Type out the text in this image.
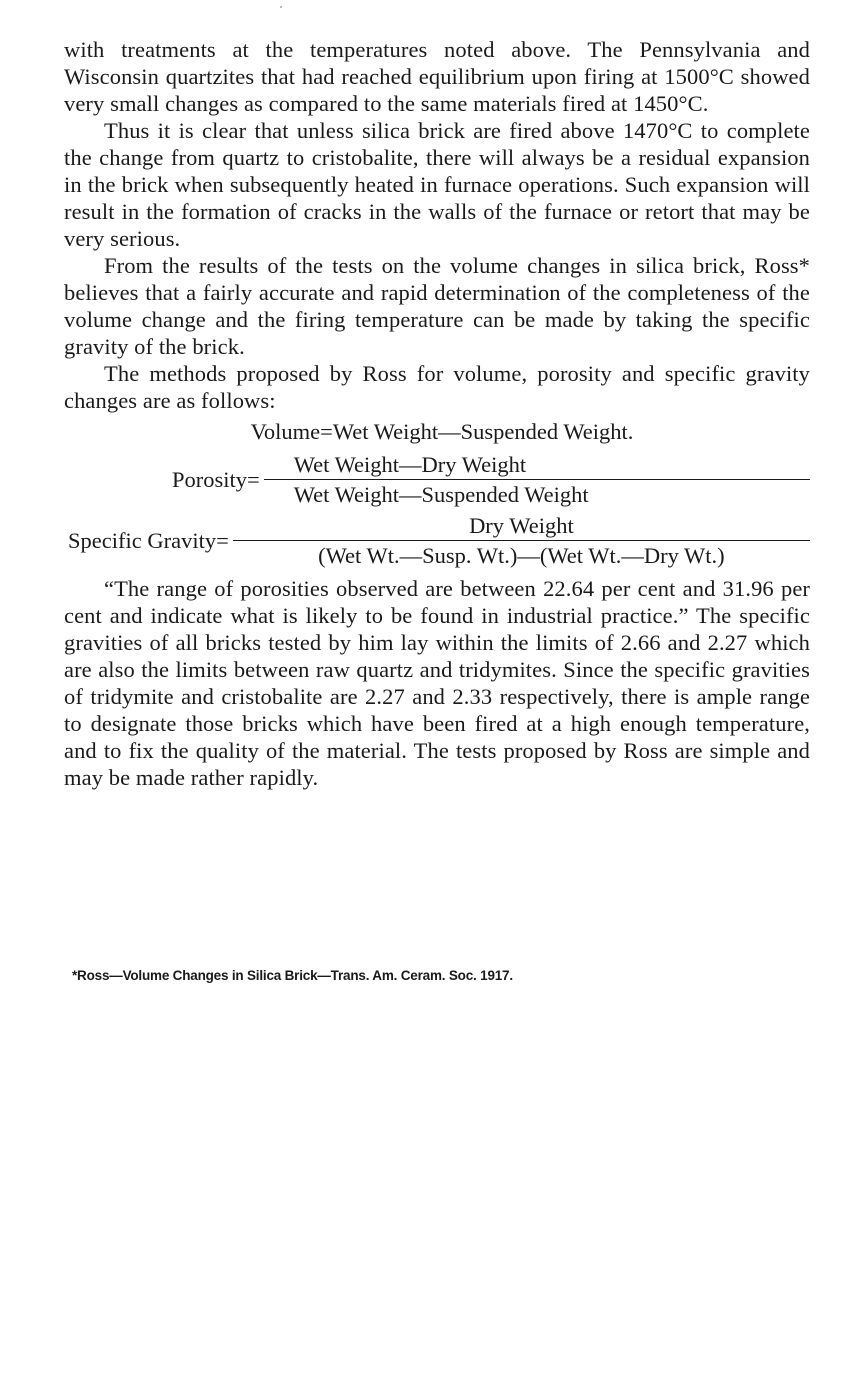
with treatments at the temperatures noted above. The Pennsylvania and Wisconsin quartzites that had reached equilibrium upon firing at 1500°C showed very small changes as compared to the same materials fired at 1450°C.

Thus it is clear that unless silica brick are fired above 1470°C to complete the change from quartz to cristobalite, there will always be a residual expansion in the brick when subsequently heated in furnace operations. Such expansion will result in the formation of cracks in the walls of the furnace or retort that may be very serious.

From the results of the tests on the volume changes in silica brick, Ross* believes that a fairly accurate and rapid determination of the completeness of the volume change and the firing temperature can be made by taking the specific gravity of the brick.

The methods proposed by Ross for volume, porosity and specific gravity changes are as follows:

Volume=Wet Weight—Suspended Weight.
Porosity= $\frac{\text{Wet Weight—Dry Weight}}{\text{Wet Weight—Suspended Weight}}$
Specific Gravity= $\frac{\text{Dry Weight}}{\text{(Wet Wt.—Susp. Wt.)—(Wet Wt.—Dry Wt.)}}$

“The range of porosities observed are between 22.64 per cent and 31.96 per cent and indicate what is likely to be found in industrial practice.” The specific gravities of all bricks tested by him lay within the limits of 2.66 and 2.27 which are also the limits between raw quartz and tridymites. Since the specific gravities of tridymite and cristobalite are 2.27 and 2.33 respectively, there is ample range to designate those bricks which have been fired at a high enough temperature, and to fix the quality of the material. The tests proposed by Ross are simple and may be made rather rapidly.

*Ross—Volume Changes in Silica Brick—Trans. Am. Ceram. Soc. 1917.
